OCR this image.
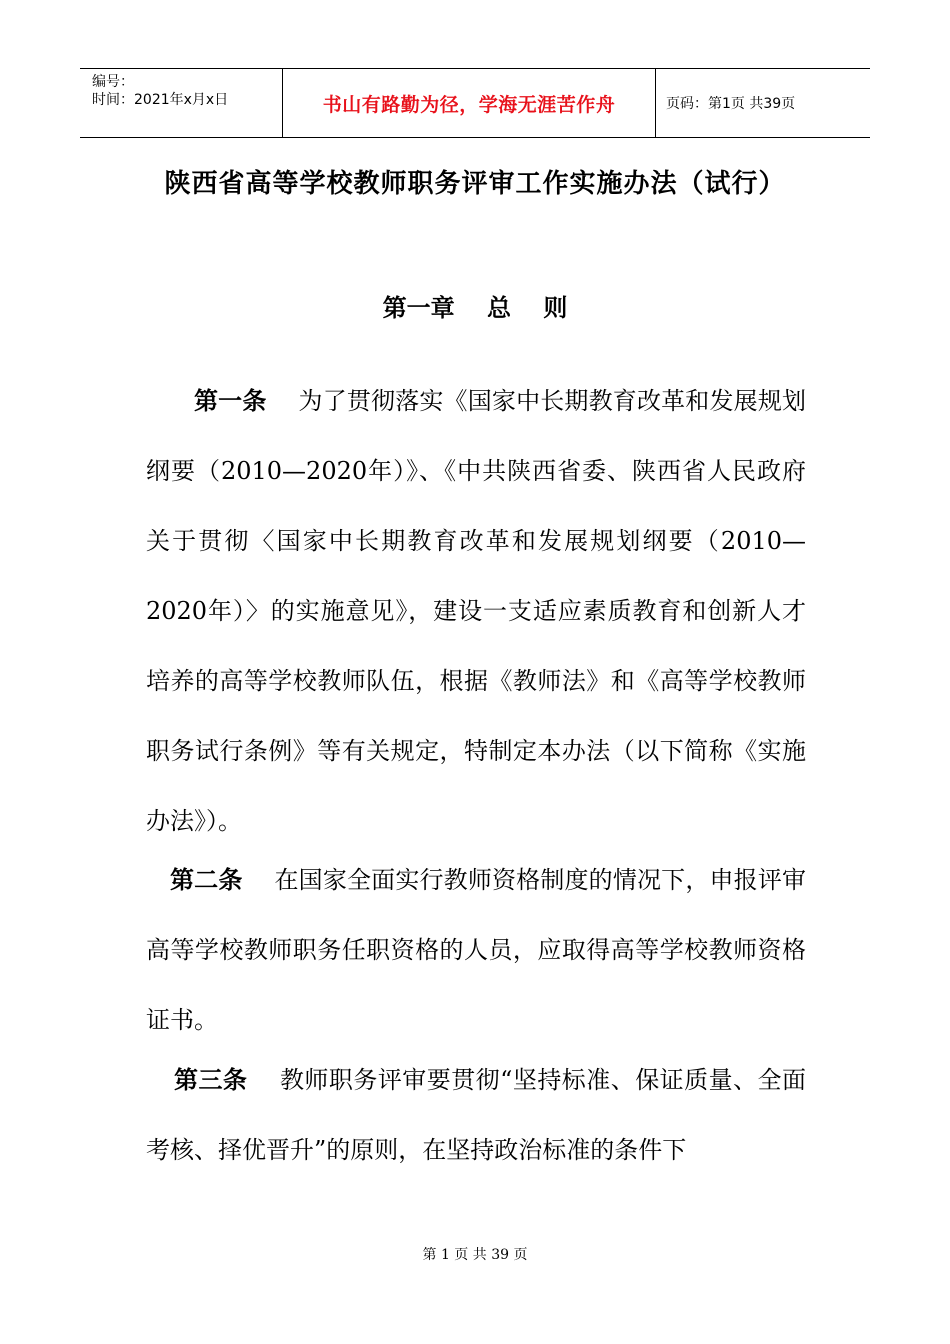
编号：
时间：2021年x月x日	书山有路勤为径，学海无涯苦作舟	页码：第1页 共39页
陕西省高等学校教师职务评审工作实施办法（试行）
第一章　 总　 则
第一条　 为了贯彻落实《国家中长期教育改革和发展规划纲要（2010—2020年）》、《中共陕西省委、陕西省人民政府关于贯彻〈国家中长期教育改革和发展规划纲要（2010—2020年）〉的实施意见》，建设一支适应素质教育和创新人才培养的高等学校教师队伍，根据《教师法》和《高等学校教师职务试行条例》等有关规定，特制定本办法（以下简称《实施办法》）。
第二条　 在国家全面实行教师资格制度的情况下，申报评审高等学校教师职务任职资格的人员，应取得高等学校教师资格证书。
第三条　 教师职务评审要贯彻“坚持标准、保证质量、全面考核、择优晋升”的原则，在坚持政治标准的条件下
第 1 页 共 39 页
